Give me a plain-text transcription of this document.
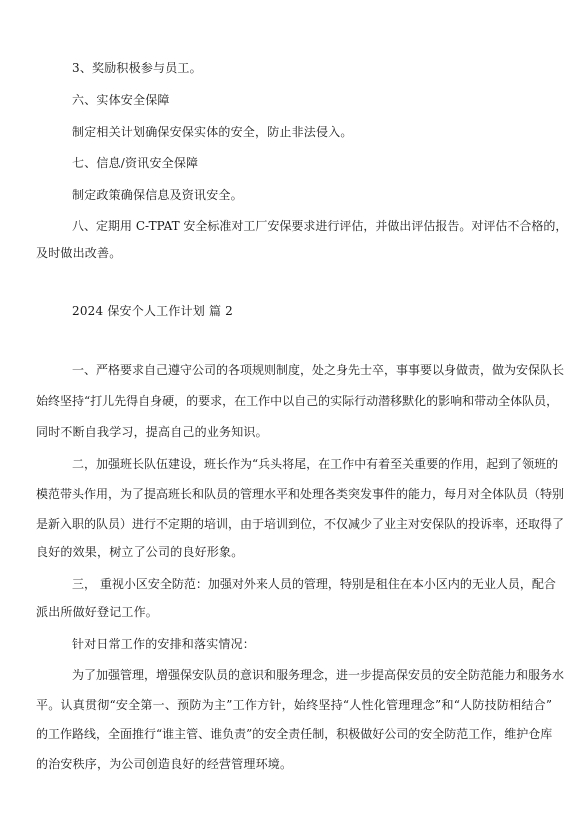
3、奖励积极参与员工。
六、实体安全保障
制定相关计划确保安保实体的安全，防止非法侵入。
七、信息/资讯安全保障
制定政策确保信息及资讯安全。
八、定期用 C-TPAT 安全标准对工厂安保要求进行评估，并做出评估报告。对评估不合格的，
及时做出改善。
2024 保安个人工作计划 篇 2
一、严格要求自己遵守公司的各项规则制度，处之身先士卒，事事要以身做责，做为安保队长
始终坚持“打儿先得自身硬，的要求，在工作中以自己的实际行动潜移默化的影响和带动全体队员，
同时不断自我学习，提高自己的业务知识。
二，加强班长队伍建设，班长作为“兵头将尾，在工作中有着至关重要的作用，起到了领班的
模范带头作用，为了提高班长和队员的管理水平和处理各类突发事件的能力，每月对全体队员（特别
是新入职的队员）进行不定期的培训，由于培训到位，不仅减少了业主对安保队的投诉率，还取得了
良好的效果，树立了公司的良好形象。
三， 重视小区安全防范：加强对外来人员的管理，特别是租住在本小区内的无业人员，配合
派出所做好登记工作。
针对日常工作的安排和落实情况：
为了加强管理，增强保安队员的意识和服务理念，进一步提高保安员的安全防范能力和服务水
平。认真贯彻“安全第一、预防为主”工作方针，始终坚持“人性化管理理念”和“人防技防相结合”
的工作路线，全面推行“谁主管、谁负责”的安全责任制，积极做好公司的安全防范工作，维护仓库
的治安秩序，为公司创造良好的经营管理环境。
